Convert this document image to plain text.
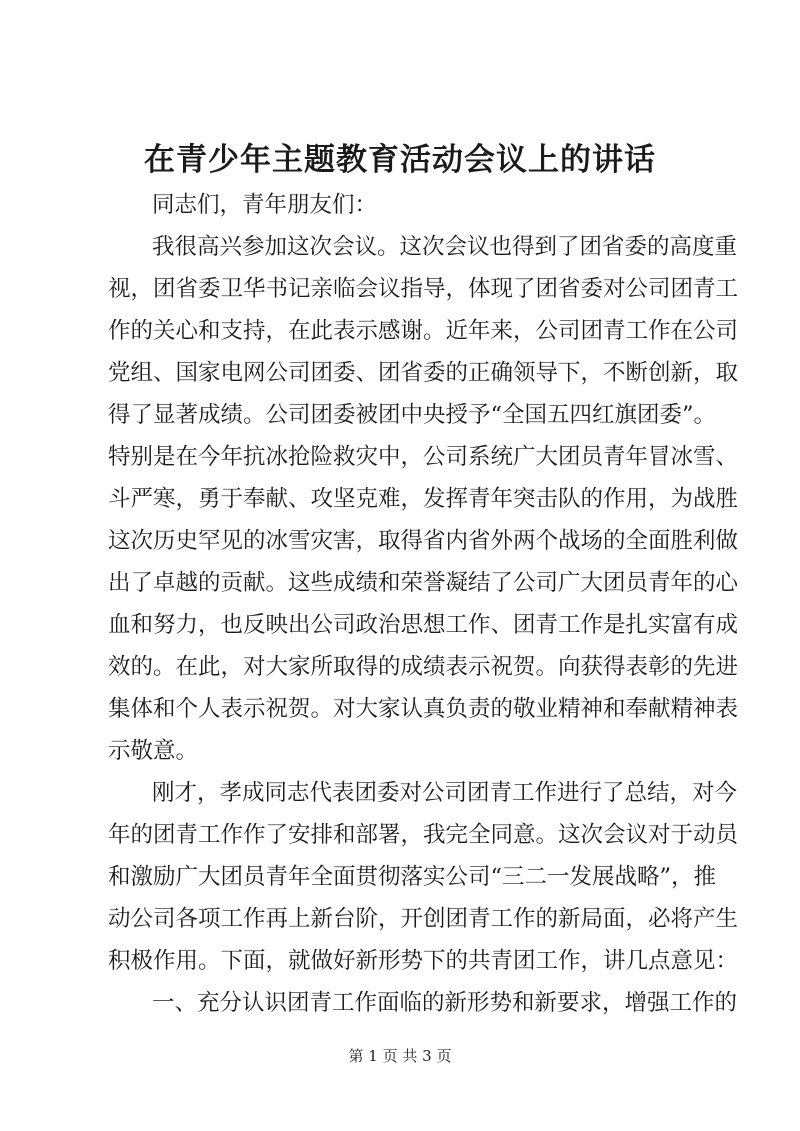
在青少年主题教育活动会议上的讲话
同志们，青年朋友们：
我很高兴参加这次会议。这次会议也得到了团省委的高度重
视，团省委卫华书记亲临会议指导，体现了团省委对公司团青工
作的关心和支持，在此表示感谢。近年来，公司团青工作在公司
党组、国家电网公司团委、团省委的正确领导下，不断创新，取
得了显著成绩。公司团委被团中央授予“全国五四红旗团委”。
特别是在今年抗冰抢险救灾中，公司系统广大团员青年冒冰雪、
斗严寒，勇于奉献、攻坚克难，发挥青年突击队的作用，为战胜
这次历史罕见的冰雪灾害，取得省内省外两个战场的全面胜利做
出了卓越的贡献。这些成绩和荣誉凝结了公司广大团员青年的心
血和努力，也反映出公司政治思想工作、团青工作是扎实富有成
效的。在此，对大家所取得的成绩表示祝贺。向获得表彰的先进
集体和个人表示祝贺。对大家认真负责的敬业精神和奉献精神表
示敬意。
刚才，孝成同志代表团委对公司团青工作进行了总结，对今
年的团青工作作了安排和部署，我完全同意。这次会议对于动员
和激励广大团员青年全面贯彻落实公司“三二一发展战略”，推
动公司各项工作再上新台阶，开创团青工作的新局面，必将产生
积极作用。下面，就做好新形势下的共青团工作，讲几点意见：
一、充分认识团青工作面临的新形势和新要求，增强工作的
第 1 页 共 3 页
